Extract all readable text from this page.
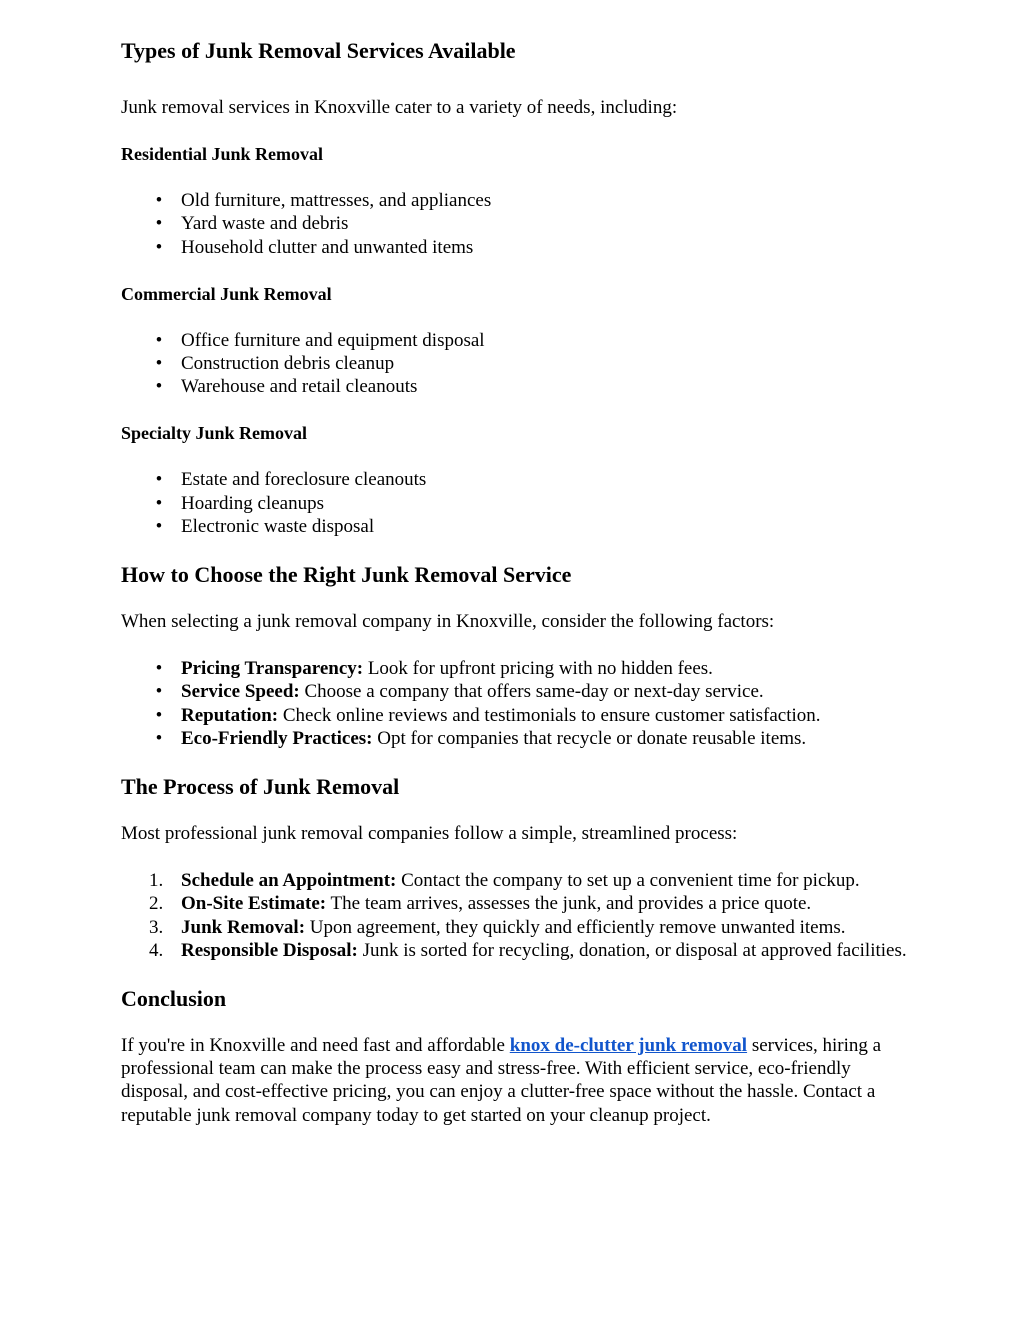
Types of Junk Removal Services Available

Junk removal services in Knoxville cater to a variety of needs, including:

Residential Junk Removal
• Old furniture, mattresses, and appliances
• Yard waste and debris
• Household clutter and unwanted items
Commercial Junk Removal
• Office furniture and equipment disposal
• Construction debris cleanup
• Warehouse and retail cleanouts
Specialty Junk Removal
• Estate and foreclosure cleanouts
• Hoarding cleanups
• Electronic waste disposal
How to Choose the Right Junk Removal Service

When selecting a junk removal company in Knoxville, consider the following factors:

• Pricing Transparency: Look for upfront pricing with no hidden fees.
• Service Speed: Choose a company that offers same-day or next-day service.
• Reputation: Check online reviews and testimonials to ensure customer satisfaction.
• Eco-Friendly Practices: Opt for companies that recycle or donate reusable items.
The Process of Junk Removal

Most professional junk removal companies follow a simple, streamlined process:

1. Schedule an Appointment: Contact the company to set up a convenient time for pickup.
2. On-Site Estimate: The team arrives, assesses the junk, and provides a price quote.
3. Junk Removal: Upon agreement, they quickly and efficiently remove unwanted items.
4. Responsible Disposal: Junk is sorted for recycling, donation, or disposal at approved facilities.
Conclusion

If you're in Knoxville and need fast and affordable knox de-clutter junk removal services, hiring a professional team can make the process easy and stress-free. With efficient service, eco-friendly disposal, and cost-effective pricing, you can enjoy a clutter-free space without the hassle. Contact a reputable junk removal company today to get started on your cleanup project.
